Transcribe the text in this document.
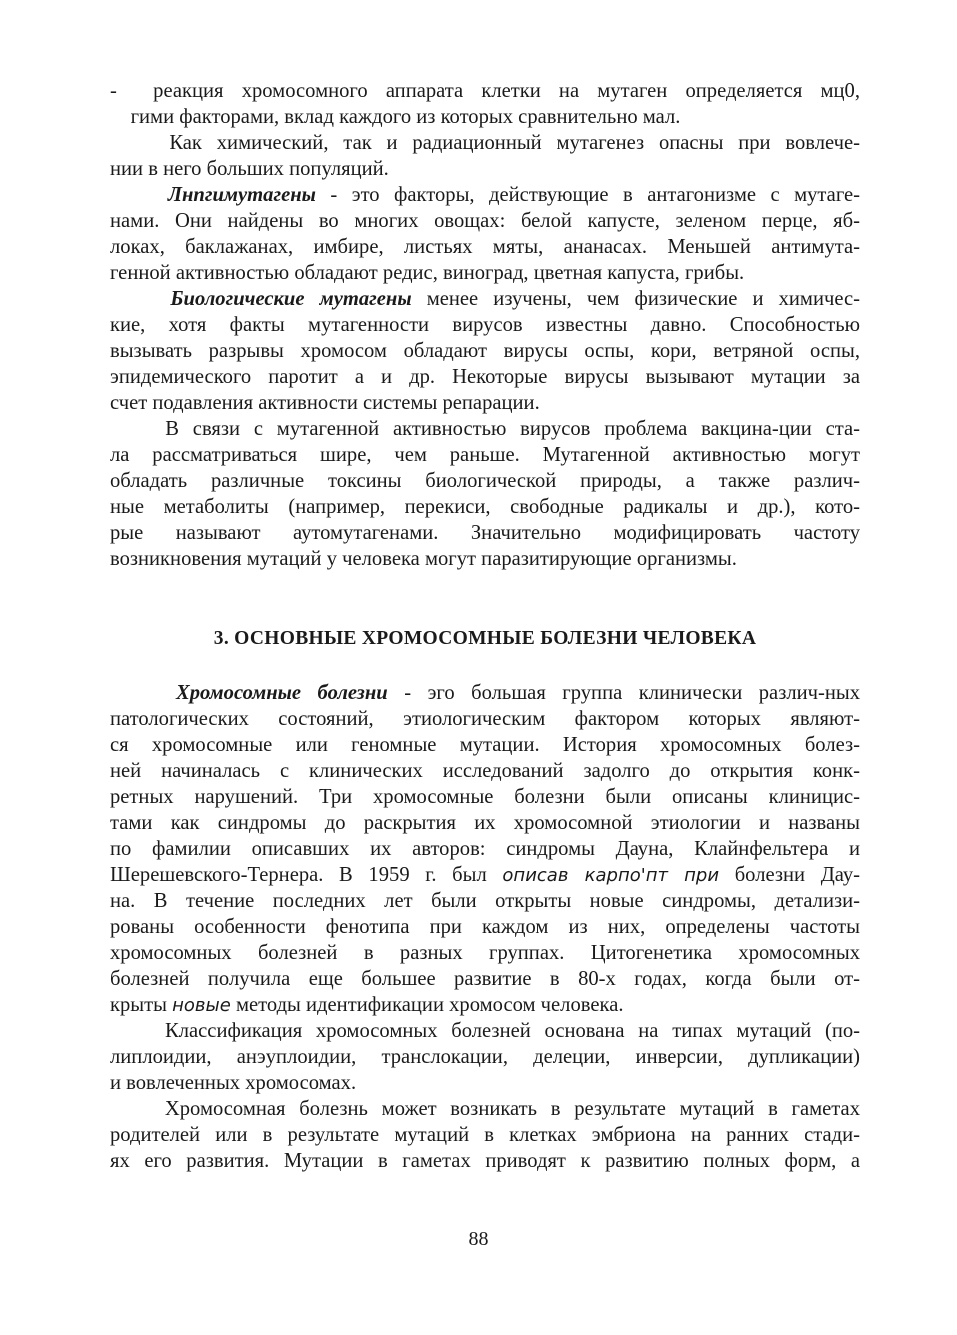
-  реакция хромосомного аппарата клетки на мутаген определяется мц0,
гими факторами, вклад каждого из которых сравнительно мал.
Как химический, так и радиационный мутагенез опасны при вовлече-
нии в него больших популяций.
Лнпгимутагены - это факторы, действующие в антагонизме с мутаге-
нами. Они найдены во многих овощах: белой капусте, зеленом перце, яб-
локах, баклажанах, имбире, листьях мяты, ананасах. Меньшей антимута-
генной активностью обладают редис, виноград, цветная капуста, грибы.
Биологические мутагены менее изучены, чем физические и химичес-
кие, хотя факты мутагенности вирусов известны давно. Способностью
вызывать разрывы хромосом обладают вирусы оспы, кори, ветряной оспы,
эпидемического паротит а и др. Некоторые вирусы вызывают мутации за
счет подавления активности системы репарации.
В связи с мутагенной активностью вирусов проблема вакцина-ции ста-
ла рассматриваться шире, чем раньше. Мутагенной активностью могут
обладать различные токсины биологической природы, а также различ-
ные метаболиты (например, перекиси, свободные радикалы и др.), кото-
рые называют аутомутагенами. Значительно модифицировать частоту
возникновения мутаций у человека могут паразитирующие организмы.
Хромосомные болезни - эго большая группа клинически различ-ных
патологических состояний, этиологическим фактором которых являют-
ся хромосомные или геномные мутации. История хромосомных болез-
ней начиналась с клинических исследований задолго до открытия конк-
ретных нарушений. Три хромосомные болезни были описаны клиницис-
тами как синдромы до раскрытия их хромосомной этиологии и названы
по фамилии описавших их авторов: синдромы Дауна, Клайнфельтера и
Шерешевского-Тернера. В 1959 г. был описав карпо'пт при болезни Дау-
на. В течение последних лет были открыты новые синдромы, детализи-
рованы особенности фенотипа при каждом из них, определены частоты
хромосомных болезней в разных группах. Цитогенетика хромосомных
болезней получила еще большее развитие в 80-х годах, когда были от-
крыты новые методы идентификации хромосом человека.
Классификация хромосомных болезней основана на типах мутаций (по-
липлоидии, анэуплоидии, транслокации, делеции, инверсии, дупликации)
и вовлеченных хромосомах.
Хромосомная болезнь может возникать в результате мутаций в гаметах
родителей или в результате мутаций в клетках эмбриона на ранних стади-
ях его развития. Мутации в гаметах приводят к развитию полных форм, а
3. ОСНОВНЫЕ ХРОМОСОМНЫЕ БОЛЕЗНИ ЧЕЛОВЕКА
88
